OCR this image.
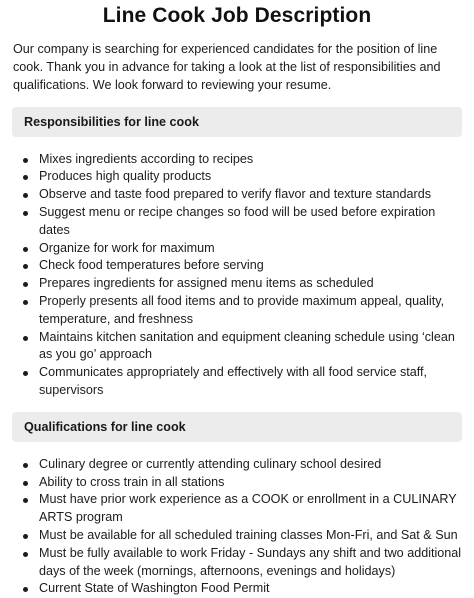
Line Cook Job Description

Our company is searching for experienced candidates for the position of line cook. Thank you in advance for taking a look at the list of responsibilities and qualifications. We look forward to reviewing your resume.

Responsibilities for line cook
Mixes ingredients according to recipes
Produces high quality products
Observe and taste food prepared to verify flavor and texture standards
Suggest menu or recipe changes so food will be used before expiration dates
Organize for work for maximum
Check food temperatures before serving
Prepares ingredients for assigned menu items as scheduled
Properly presents all food items and to provide maximum appeal, quality, temperature, and freshness
Maintains kitchen sanitation and equipment cleaning schedule using ‘clean as you go’ approach
Communicates appropriately and effectively with all food service staff, supervisors
Qualifications for line cook
Culinary degree or currently attending culinary school desired
Ability to cross train in all stations
Must have prior work experience as a COOK or enrollment in a CULINARY ARTS program
Must be available for all scheduled training classes Mon-Fri, and Sat & Sun
Must be fully available to work Friday - Sundays any shift and two additional days of the week (mornings, afternoons, evenings and holidays)
Current State of Washington Food Permit
